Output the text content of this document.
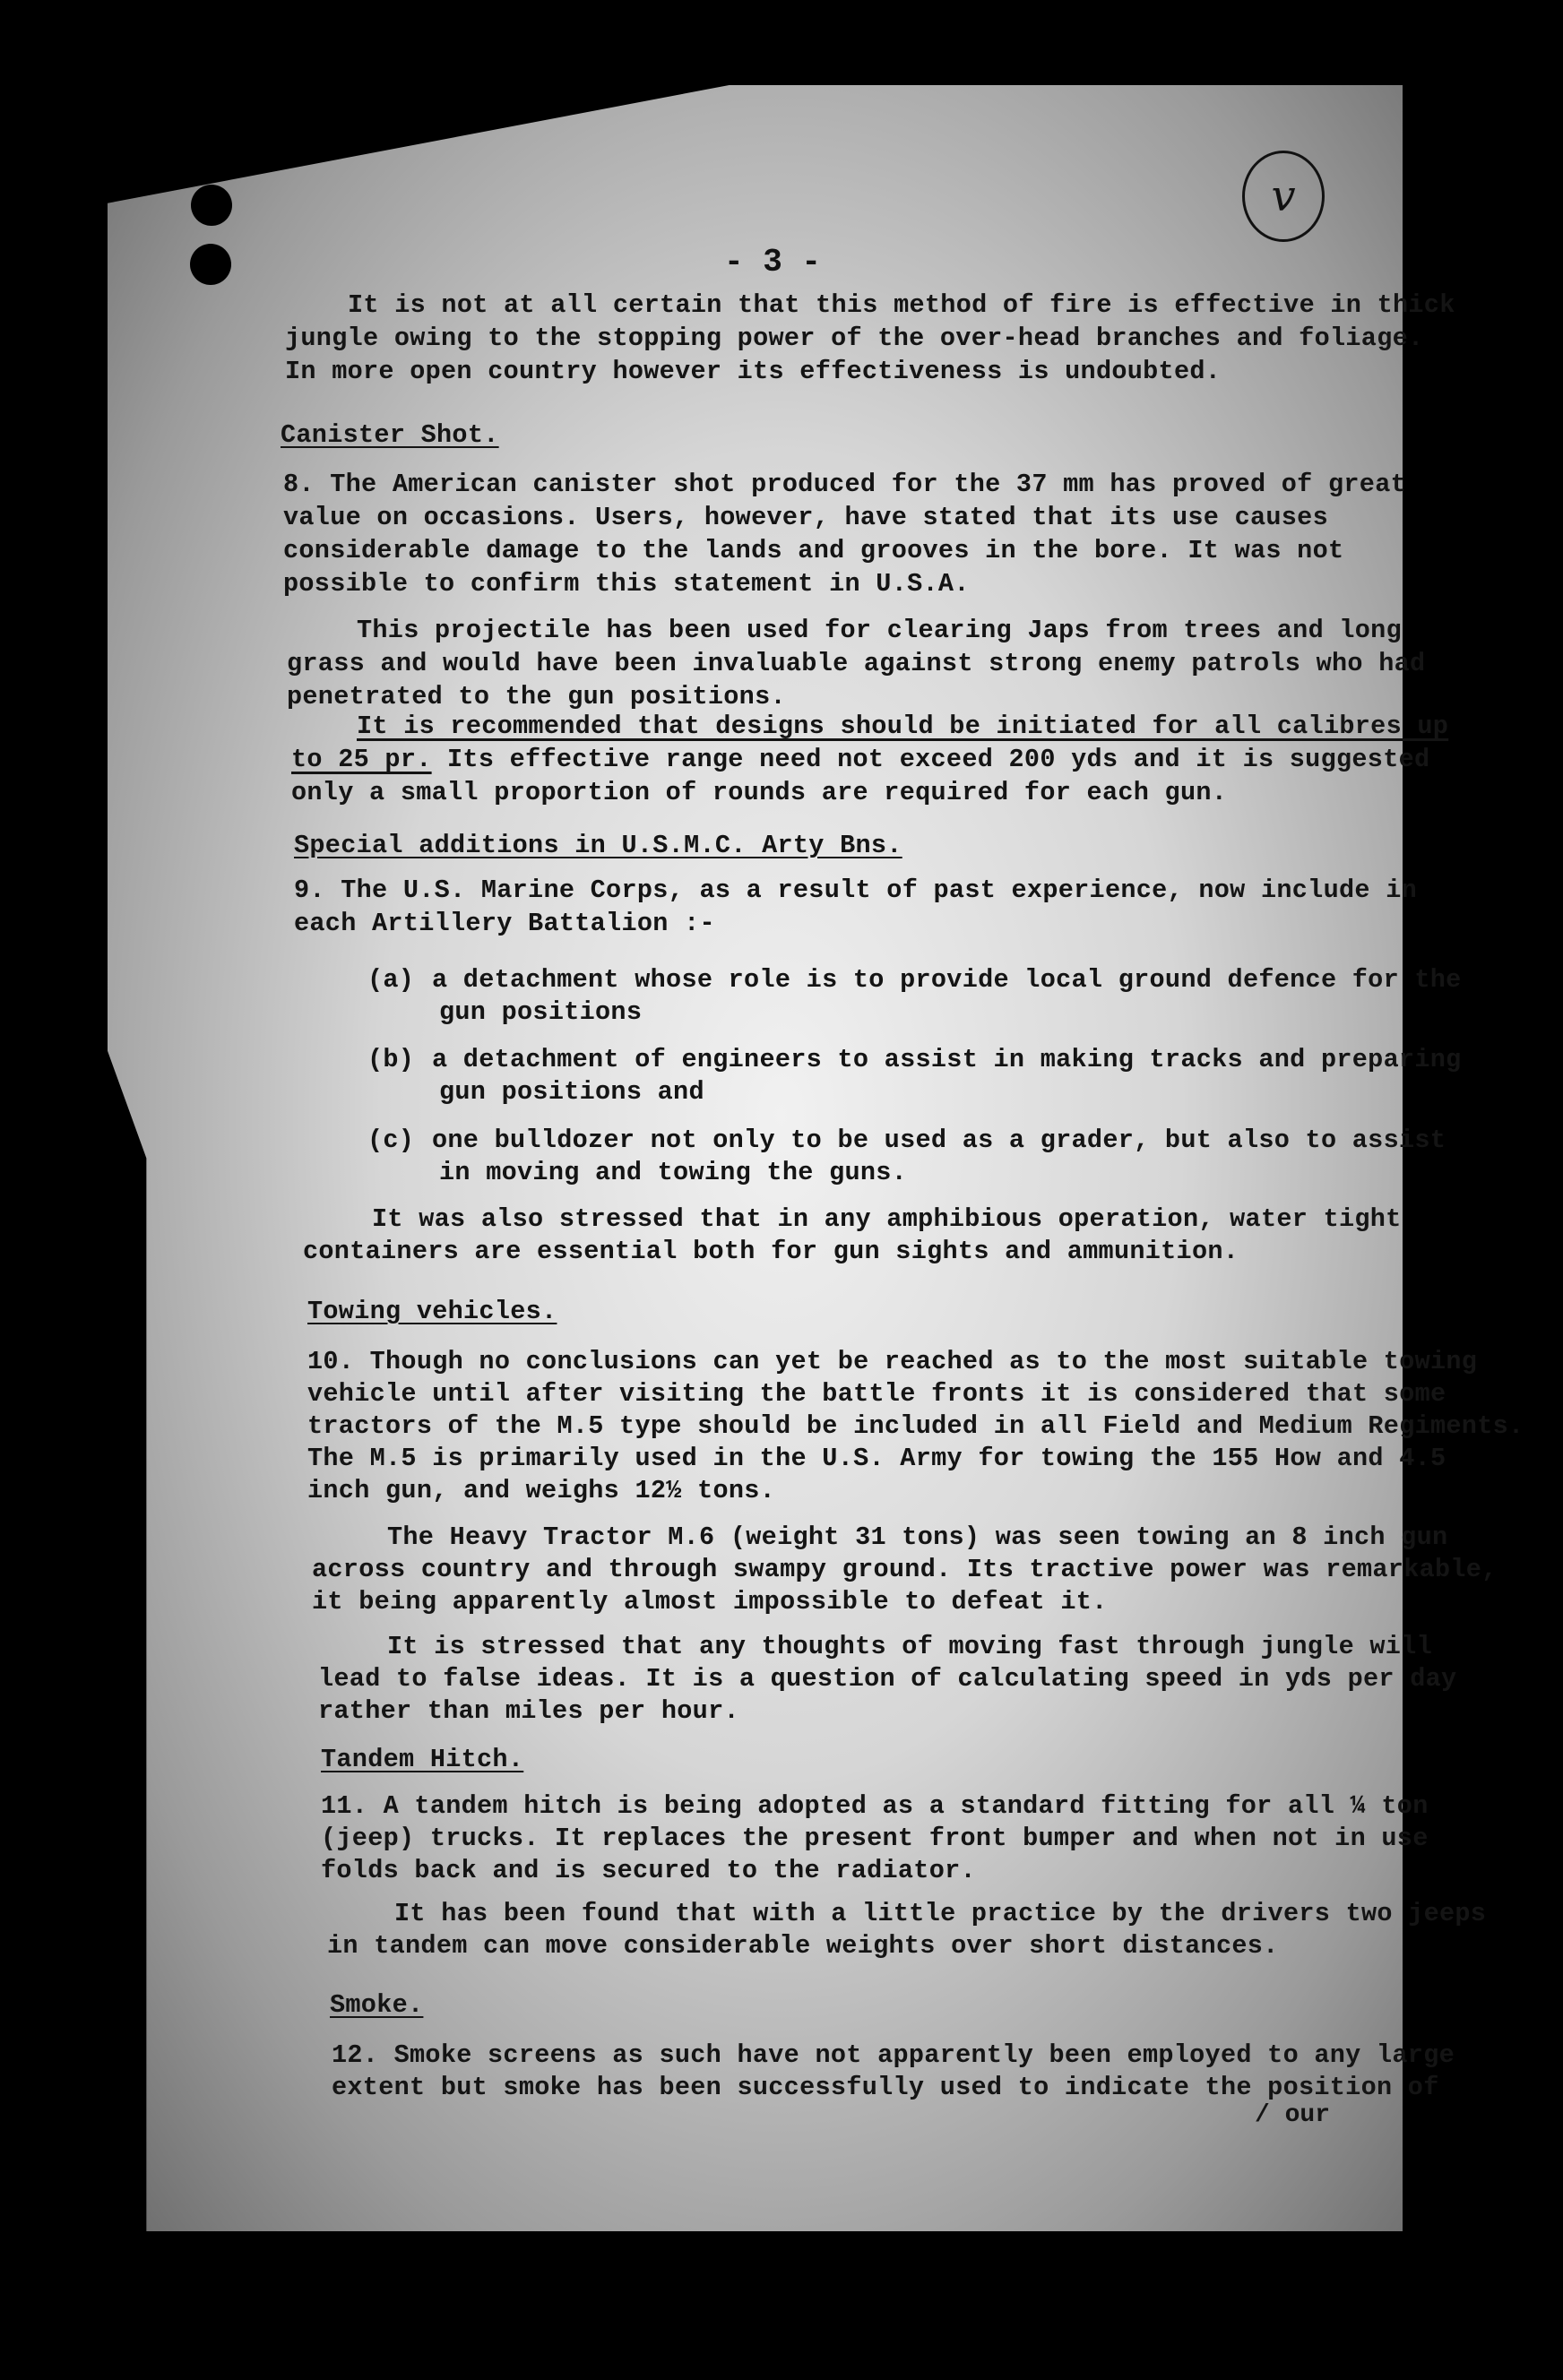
v
- 3 -

It is not at all certain that this method of fire is effective in thick

jungle owing to the stopping power of the over-head branches and foliage.

In more open country however its effectiveness is undoubted.

Canister Shot.

8. The American canister shot produced for the 37 mm has proved of great

value on occasions. Users, however, have stated that its use causes

considerable damage to the lands and grooves in the bore. It was not

possible to confirm this statement in U.S.A.

This projectile has been used for clearing Japs from trees and long

grass and would have been invaluable against strong enemy patrols who had

penetrated to the gun positions.

It is recommended that designs should be initiated for all calibres up

to 25 pr. Its effective range need not exceed 200 yds and it is suggested

only a small proportion of rounds are required for each gun.

Special additions in U.S.M.C. Arty Bns.

9. The U.S. Marine Corps, as a result of past experience, now include in

each Artillery Battalion :-

(a) a detachment whose role is to provide local ground defence for the

gun positions

(b) a detachment of engineers to assist in making tracks and preparing

gun positions and

(c) one bulldozer not only to be used as a grader, but also to assist

in moving and towing the guns.

It was also stressed that in any amphibious operation, water tight

containers are essential both for gun sights and ammunition.

Towing vehicles.

10. Though no conclusions can yet be reached as to the most suitable towing

vehicle until after visiting the battle fronts it is considered that some

tractors of the M.5 type should be included in all Field and Medium Regiments.

The M.5 is primarily used in the U.S. Army for towing the 155 How and 4.5

inch gun, and weighs 12½ tons.

The Heavy Tractor M.6 (weight 31 tons) was seen towing an 8 inch gun

across country and through swampy ground. Its tractive power was remarkable,

it being apparently almost impossible to defeat it.

It is stressed that any thoughts of moving fast through jungle will

lead to false ideas. It is a question of calculating speed in yds per day

rather than miles per hour.

Tandem Hitch.

11. A tandem hitch is being adopted as a standard fitting for all ¼ ton

(jeep) trucks. It replaces the present front bumper and when not in use

folds back and is secured to the radiator.

It has been found that with a little practice by the drivers two jeeps

in tandem can move considerable weights over short distances.

Smoke.

12. Smoke screens as such have not apparently been employed to any large

extent but smoke has been successfully used to indicate the position of

/ our
